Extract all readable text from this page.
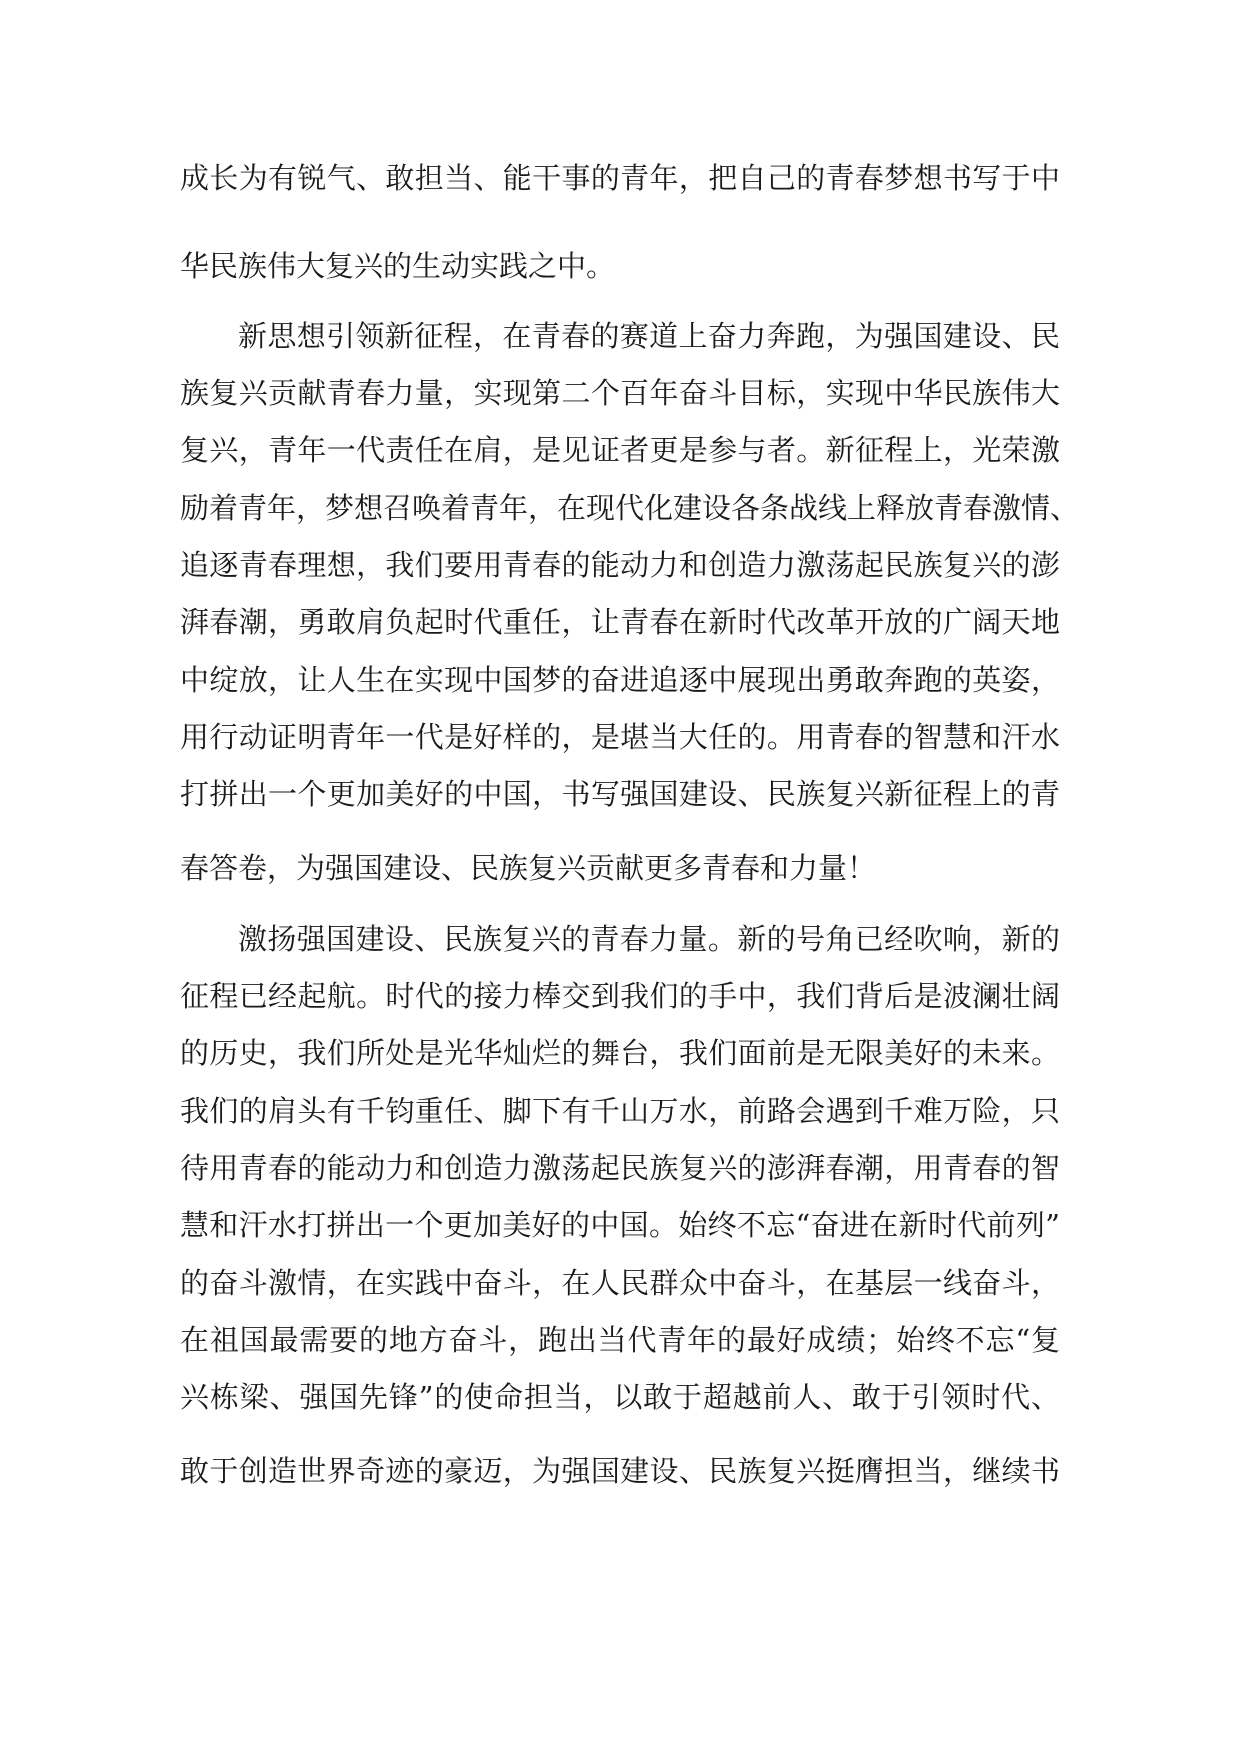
成长为有锐气、敢担当、能干事的青年，把自己的青春梦想书写于中
华民族伟大复兴的生动实践之中。
新思想引领新征程，在青春的赛道上奋力奔跑，为强国建设、民
族复兴贡献青春力量，实现第二个百年奋斗目标，实现中华民族伟大
复兴，青年一代责任在肩，是见证者更是参与者。新征程上，光荣激
励着青年，梦想召唤着青年，在现代化建设各条战线上释放青春激情、
追逐青春理想，我们要用青春的能动力和创造力激荡起民族复兴的澎
湃春潮，勇敢肩负起时代重任，让青春在新时代改革开放的广阔天地
中绽放，让人生在实现中国梦的奋进追逐中展现出勇敢奔跑的英姿，
用行动证明青年一代是好样的，是堪当大任的。用青春的智慧和汗水
打拼出一个更加美好的中国，书写强国建设、民族复兴新征程上的青
春答卷，为强国建设、民族复兴贡献更多青春和力量！
激扬强国建设、民族复兴的青春力量。新的号角已经吹响，新的
征程已经起航。时代的接力棒交到我们的手中，我们背后是波澜壮阔
的历史，我们所处是光华灿烂的舞台，我们面前是无限美好的未来。
我们的肩头有千钧重任、脚下有千山万水，前路会遇到千难万险，只
待用青春的能动力和创造力激荡起民族复兴的澎湃春潮，用青春的智
慧和汗水打拼出一个更加美好的中国。始终不忘“奋进在新时代前列”
的奋斗激情，在实践中奋斗，在人民群众中奋斗，在基层一线奋斗，
在祖国最需要的地方奋斗，跑出当代青年的最好成绩；始终不忘“复
兴栋梁、强国先锋”的使命担当，以敢于超越前人、敢于引领时代、
敢于创造世界奇迹的豪迈，为强国建设、民族复兴挺膺担当，继续书
